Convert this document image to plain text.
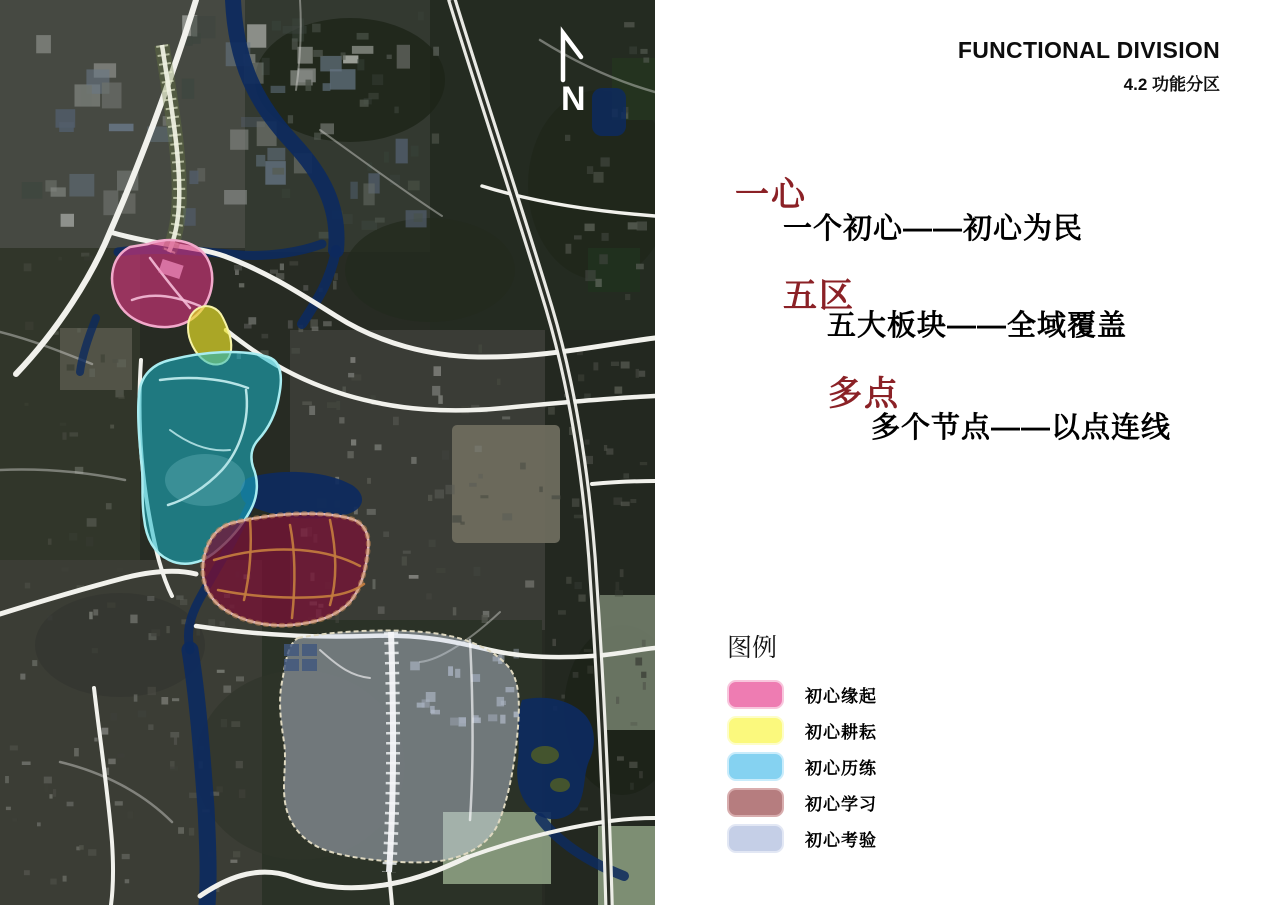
N
FUNCTIONAL DIVISION
4.2 功能分区
一心
一个初心——初心为民
五区
五大板块——全域覆盖
多点
多个节点——以点连线
图例
初心缘起
初心耕耘
初心历练
初心学习
初心考验
